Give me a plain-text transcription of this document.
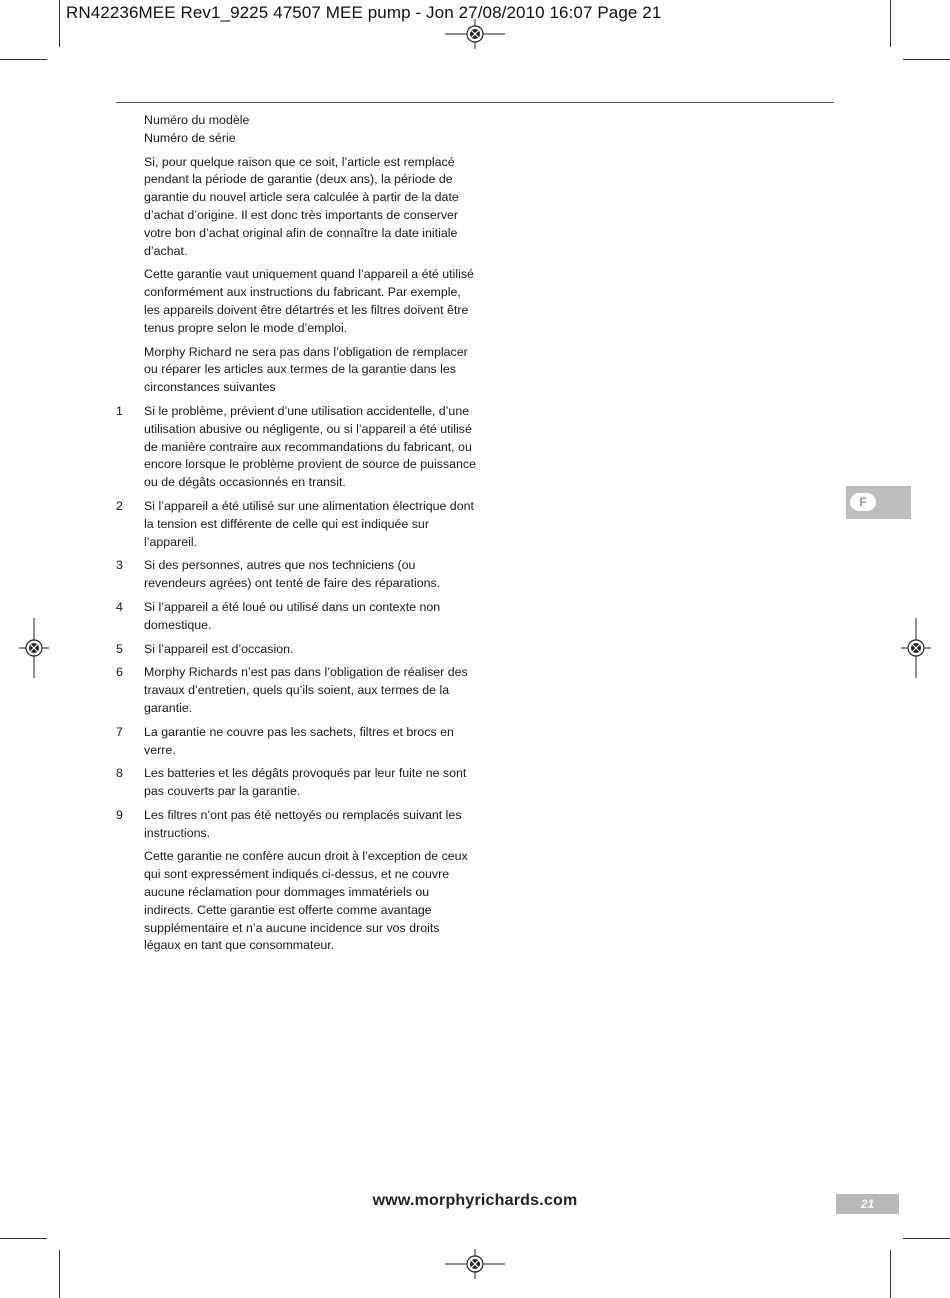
RN42236MEE Rev1_9225 47507 MEE pump - Jon 27/08/2010 16:07 Page 21
Numéro du modèle
Numéro de série

Si, pour quelque raison que ce soit, l’article est remplacé pendant la période de garantie (deux ans), la période de garantie du nouvel article sera calculée à partir de la date d’achat d’origine. Il est donc très importants de conserver votre bon d’achat original afin de connaître la date initiale d’achat.

Cette garantie vaut uniquement quand l’appareil a été utilisé conformément aux instructions du fabricant. Par exemple, les appareils doivent être détartrés et les filtres doivent être tenus propre selon le mode d’emploi.

Morphy Richard ne sera pas dans l’obligation de remplacer ou réparer les articles aux termes de la garantie dans les circonstances suivantes

1 Si le problème, prévient d’une utilisation accidentelle, d’une utilisation abusive ou négligente, ou si l’appareil a été utilisé de manière contraire aux recommandations du fabricant, ou encore lorsque le problème provient de source de puissance ou de dégâts occasionnés en transit.
2 Si l’appareil a été utilisé sur une alimentation électrique dont la tension est différente de celle qui est indiquée sur l’appareil.
3 Si des personnes, autres que nos techniciens (ou revendeurs agrées) ont tenté de faire des réparations.
4 Si l’appareil a été loué ou utilisé dans un contexte non domestique.
5 Si l’appareil est d’occasion.
6 Morphy Richards n’est pas dans l’obligation de réaliser des travaux d’entretien, quels qu’ils soient, aux termes de la garantie.
7 La garantie ne couvre pas les sachets, filtres et brocs en verre.
8 Les batteries et les dégâts provoqués par leur fuite ne sont pas couverts par la garantie.
9 Les filtres n’ont pas été nettoyés ou remplacés suivant les instructions.

Cette garantie ne confère aucun droit à l’exception de ceux qui sont expressément indiqués ci-dessus, et ne couvre aucune réclamation pour dommages immatériels ou indirects. Cette garantie est offerte comme avantage supplémentaire et n’a aucune incidence sur vos droits légaux en tant que consommateur.

F
www.morphyrichards.com	21
